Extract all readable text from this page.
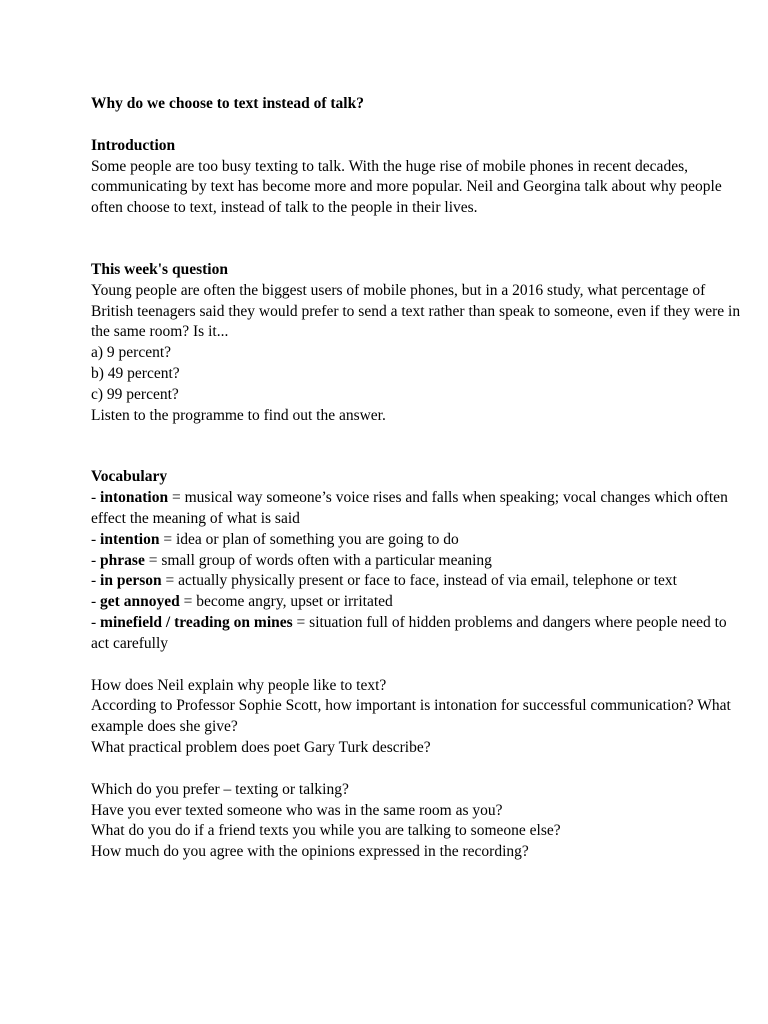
Why do we choose to text instead of talk?

Introduction

Some people are too busy texting to talk. With the huge rise of mobile phones in recent decades, communicating by text has become more and more popular. Neil and Georgina talk about why people often choose to text, instead of talk to the people in their lives.

This week's question

Young people are often the biggest users of mobile phones, but in a 2016 study, what percentage of British teenagers said they would prefer to send a text rather than speak to someone, even if they were in the same room? Is it...

a) 9 percent?

b) 49 percent?

c) 99 percent?

Listen to the programme to find out the answer.

Vocabulary

- intonation = musical way someone’s voice rises and falls when speaking; vocal changes which often effect the meaning of what is said

- intention = idea or plan of something you are going to do

- phrase = small group of words often with a particular meaning

- in person = actually physically present or face to face, instead of via email, telephone or text

- get annoyed = become angry, upset or irritated

- minefield / treading on mines = situation full of hidden problems and dangers where people need to act carefully

How does Neil explain why people like to text?

According to Professor Sophie Scott, how important is intonation for successful communication? What example does she give?

What practical problem does poet Gary Turk describe?

Which do you prefer – texting or talking?

Have you ever texted someone who was in the same room as you?

What do you do if a friend texts you while you are talking to someone else?

How much do you agree with the opinions expressed in the recording?
